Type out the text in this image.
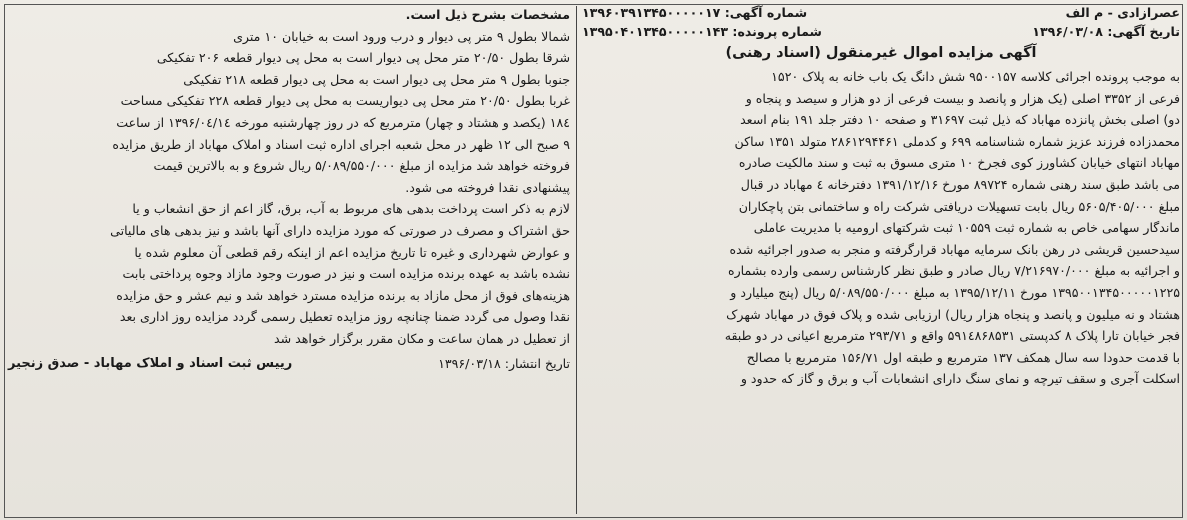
عصرازادی - م الف
شماره آگهی: ۱۳۹۶۰۳۹۱۳۴۵۰۰۰۰۰۱۷
تاریخ آگهی: ۱۳۹۶/۰۳/۰۸
شماره پرونده: ۱۳۹۵۰۴۰۱۳۴۵۰۰۰۰۰۱۴۳
آگهی مزایده اموال غیرمنقول (اسناد رهنی)
به موجب پرونده اجرائی کلاسه ۹۵۰۰۱۵۷ شش دانگ یک باب خانه به پلاک ۱۵۲۰
فرعی از ۳۳۵۲ اصلی (یک هزار و پانصد و بیست فرعی از دو هزار و سیصد و پنجاه و
دو) اصلی بخش پانزده مهاباد که ذیل ثبت ۳۱۶۹۷ و صفحه ۱۰ دفتر جلد ۱۹۱ بنام اسعد
محمدزاده فرزند عزیز شماره شناسنامه ۶۹۹ و کدملی ۲۸۶۱۲۹۴۴۶۱ متولد ۱۳۵۱ ساکن
مهاباد انتهای خیابان کشاورز کوی فجرخ ۱۰ متری مسوق به ثبت و سند مالکیت صادره
می باشد طبق سند رهنی شماره ۸۹۷۲۴ مورخ ۱۳۹۱/۱۲/۱۶ دفترخانه ٤ مهاباد در قبال
مبلغ ۵۶۰۵/۴۰۵/۰۰۰ ریال بابت تسهیلات دریافتی شرکت راه و ساختمانی بتن پاچکاران
ماندگار سهامی خاص به شماره ثبت ۱۰۵۵۹ ثبت شرکتهای ارومیه با مدیریت عاملی
سیدحسین قریشی در رهن بانک سرمایه مهاباد قرارگرفته و منجر به صدور اجرائیه شده
و اجرائیه به مبلغ ۷/۲۱۶۹۷۰/۰۰۰ ریال صادر و طبق نظر کارشناس رسمی وارده بشماره
۱۳۹۵۰۰۱۳۴۵۰۰۰۰۰۱۲۲۵ مورخ ۱۳۹۵/۱۲/۱۱ به مبلغ ۵/۰۸۹/۵۵۰/۰۰۰ ریال (پنج میلیارد و
هشتاد و نه میلیون و پانصد و پنجاه هزار ریال) ارزیابی شده و پلاک فوق در مهاباد شهرک
فجر خیابان تارا پلاک ۸ کدپستی ۵۹۱٤۸۶۸۵۳۱ واقع و ۲۹۳/۷۱ مترمربع اعیانی در دو طبقه
با قدمت حدودا سه سال همکف ۱۳۷ مترمربع و طبقه اول ۱۵۶/۷۱ مترمربع با مصالح
اسکلت آجری و سقف تیرچه و نمای سنگ دارای انشعابات آب و برق و گاز که حدود و
مشخصات بشرح ذیل است.
شمالا بطول ۹ متر پی دیوار و درب ورود است به خیابان ۱۰ متری
شرقا بطول ۲۰/۵۰ متر محل پی دیوار است به محل پی دیوار قطعه ۲۰۶ تفکیکی
جنوبا بطول ۹ متر محل پی دیوار است به محل پی دیوار قطعه ۲۱۸ تفکیکی
غربا بطول ۲۰/۵۰ متر محل پی دیواریست به محل پی دیوار قطعه ۲۲۸ تفکیکی مساحت
۱۸٤ (یکصد و هشتاد و چهار) مترمربع که در روز چهارشنبه مورخه ۱۳۹۶/۰٤/۱٤ از ساعت
۹ صبح الی ۱۲ ظهر در محل شعبه اجرای اداره ثبت اسناد و املاک مهاباد از طریق مزایده
فروخته خواهد شد مزایده از مبلغ ۵/۰۸۹/۵۵۰/۰۰۰ ریال شروع و به بالاترین قیمت
پیشنهادی نقدا فروخته می شود.
لازم به ذکر است پرداخت بدهی های مربوط به آب، برق، گاز اعم از حق انشعاب و یا
حق اشتراک و مصرف در صورتی که مورد مزایده دارای آنها باشد و نیز بدهی های مالیاتی
و عوارض شهرداری و غیره تا تاریخ مزایده اعم از اینکه رقم قطعی آن معلوم شده یا
نشده باشد به عهده برنده مزایده است و نیز در صورت وجود مازاد وجوه پرداختی بابت
هزینه‌های فوق از محل مازاد به برنده مزایده مسترد خواهد شد و نیم عشر و حق مزایده
نقدا وصول می گردد ضمنا چنانچه روز مزایده تعطیل رسمی گردد مزایده روز اداری بعد
از تعطیل در همان ساعت و مکان مقرر برگزار خواهد شد
تاریخ انتشار: ۱۳۹۶/۰۳/۱۸
رییس ثبت اسناد و املاک مهاباد - صدق زنجیر
